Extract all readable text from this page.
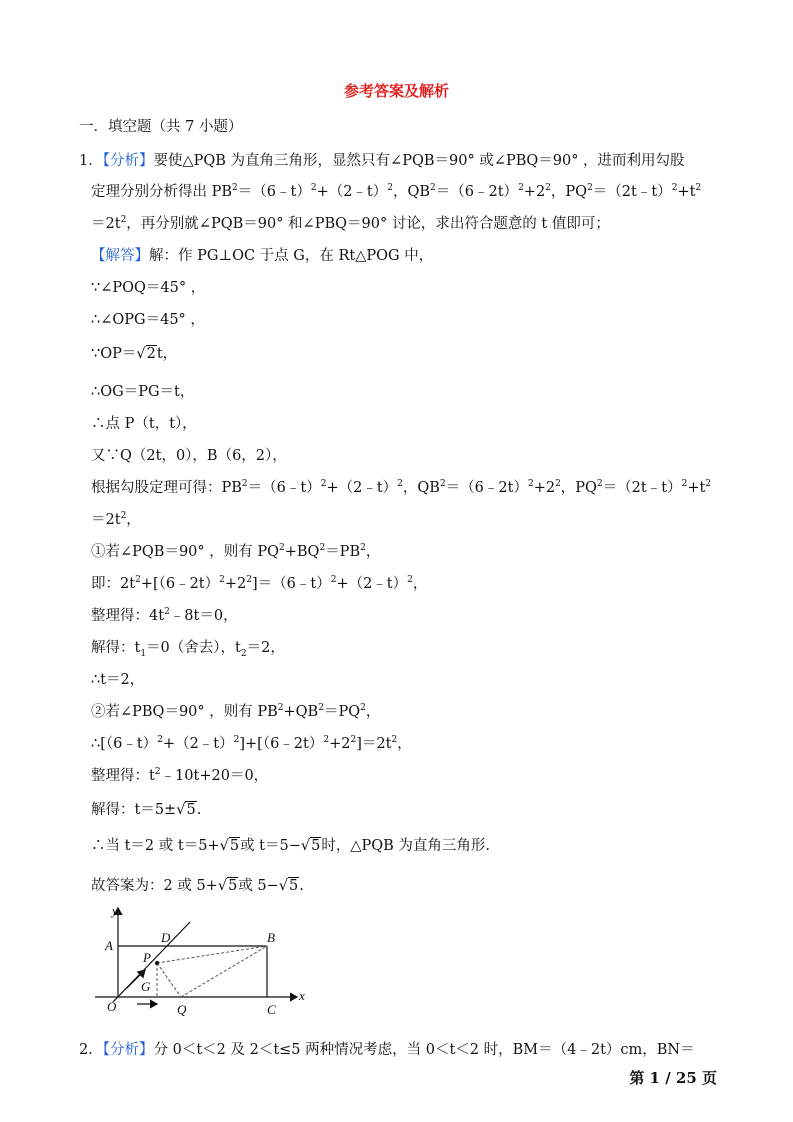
参考答案及解析
一．填空题（共 7 小题）
1．【分析】要使△PQB 为直角三角形，显然只有∠PQB＝90° 或∠PBQ＝90° ，进而利用勾股
定理分别分析得出 $PB^2=(6﹣t)^2+(2﹣t)^2$，$QB^2=(6﹣2t)^2+2^2$，$PQ^2=(2t﹣t)^2+t^2$
$=2t^2$，再分别就∠PQB＝90° 和∠PBQ＝90° 讨论，求出符合题意的 t 值即可；
【解答】解：作 PG⊥OC 于点 G，在 Rt△POG 中，
∵∠POQ＝45° ，
∴∠OPG＝45° ，
∵OP＝√2t，
∴OG＝PG＝t，
∴点 P（t，t），
又∵Q（2t，0），B（6，2），
根据勾股定理可得：$PB^2=(6﹣t)^2+(2﹣t)^2$，$QB^2=(6﹣2t)^2+2^2$，$PQ^2=(2t﹣t)^2+t^2$
$=2t^2$，
①若∠PQB＝90° ，则有 $PQ^2+BQ^2=PB^2$，
即：$2t^2+[(6﹣2t)^2+2^2]=(6﹣t)^2+(2﹣t)^2$，
整理得：$4t^2﹣8t=0$，
解得：$t_1=0$（舍去），$t_2=2$，
∴t＝2，
②若∠PBQ＝90° ，则有 $PB^2+QB^2=PQ^2$，
$\therefore[(6﹣t)^2+(2﹣t)^2]+[(6﹣2t)^2+2^2]=2t^2$，
整理得：$t^2﹣10t+20=0$，
解得：t＝5±√5.
∴当 t＝2 或 t＝5+√5或 t＝5−√5时，△PQB 为直角三角形.
故答案为：2 或 5+√5或 5−√5.
y
A
D	B
P
G
O	Q	C
x
2．【分析】分 0＜t＜2 及 2＜t≤5 两种情况考虑，当 0＜t＜2 时，BM＝（4﹣2t）cm，BN＝
第 1 / 25 页
